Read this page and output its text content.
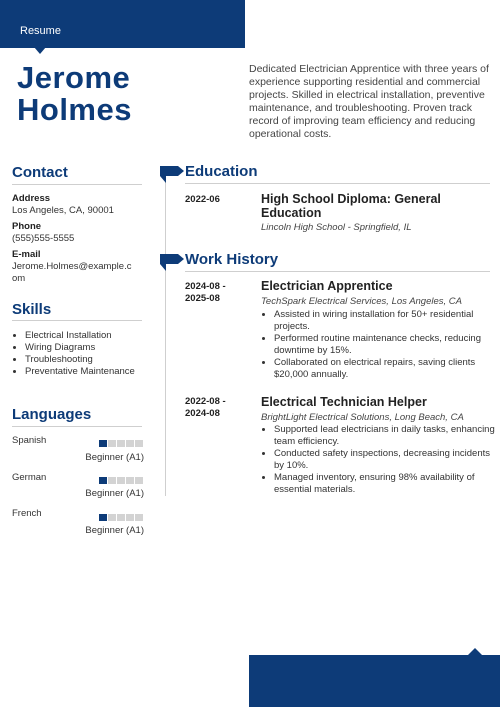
Resume
Jerome
Holmes
Dedicated Electrician Apprentice with three years of experience supporting residential and commercial projects. Skilled in electrical installation, preventive maintenance, and troubleshooting. Proven track record of improving team efficiency and reducing operational costs.
Contact
Address
Los Angeles, CA, 90001
Phone
(555)555-5555
E-mail
Jerome.Holmes@example.c
om
Skills
• Electrical Installation
• Wiring Diagrams
• Troubleshooting
• Preventative Maintenance
Languages
Spanish
Beginner (A1)
German
Beginner (A1)
French
Beginner (A1)
Education
2022-06	High School Diploma: General
Education
Lincoln High School - Springfield, IL
Work History
2024-08 -
2025-08
Electrician Apprentice
TechSpark Electrical Services, Los Angeles, CA
• Assisted in wiring installation for 50+ residential projects.
• Performed routine maintenance checks, reducing downtime by 15%.
• Collaborated on electrical repairs, saving clients $20,000 annually.
2022-08 -
2024-08
Electrical Technician Helper
BrightLight Electrical Solutions, Long Beach, CA
• Supported lead electricians in daily tasks, enhancing team efficiency.
• Conducted safety inspections, decreasing incidents by 10%.
• Managed inventory, ensuring 98% availability of essential materials.
